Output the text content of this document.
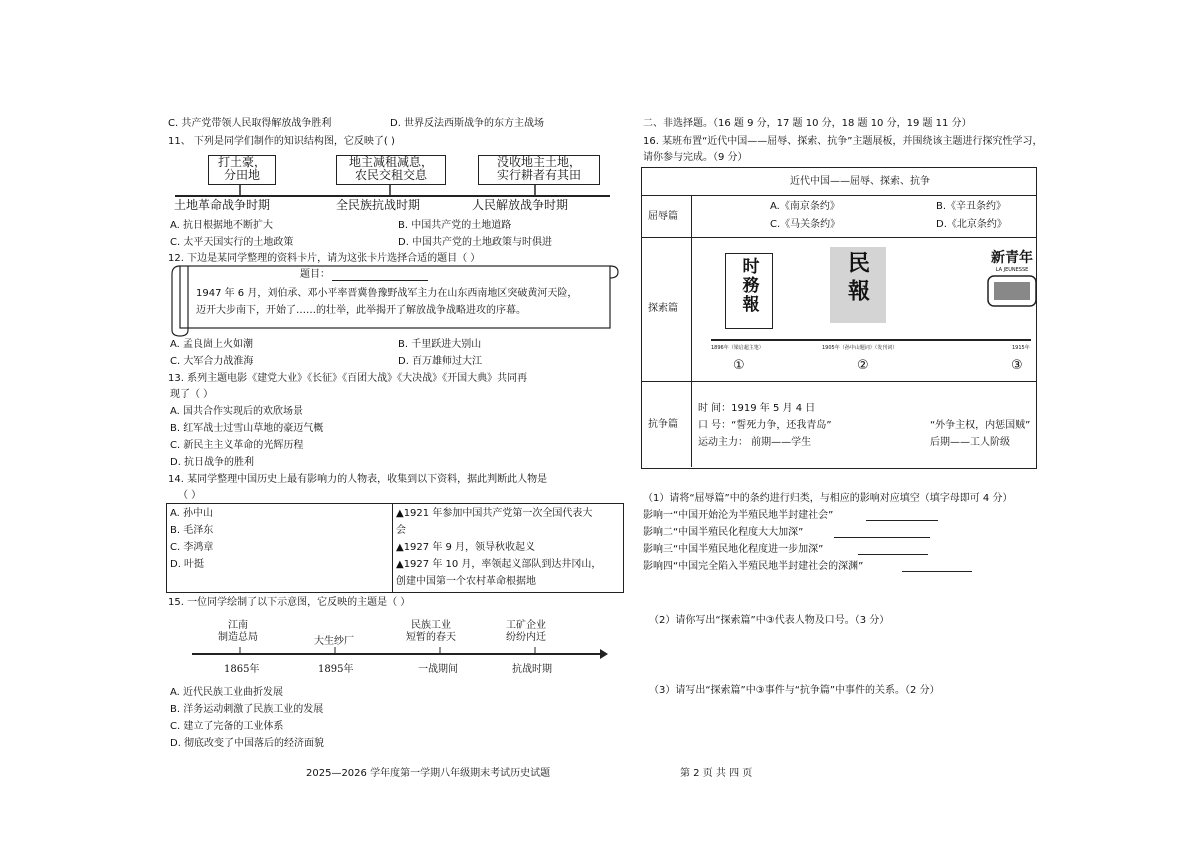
C. 共产党带领人民取得解放战争胜利	D. 世界反法西斯战争的东方主战场
11、 下列是同学们制作的知识结构图，它反映了( )
打土豪，
分田地
地主减租减息，
农民交租交息
没收地主土地，
实行耕者有其田
土地革命战争时期	全民族抗战时期	人民解放战争时期
A. 抗日根据地不断扩大	B. 中国共产党的土地道路
C. 太平天国实行的土地政策	D. 中国共产党的土地政策与时俱进
12. 下边是某同学整理的资料卡片，请为这张卡片选择合适的题目（ ）
题目：
1947 年 6 月，刘伯承、邓小平率晋冀鲁豫野战军主力在山东西南地区突破黄河天险，
迈开大步南下，开始了……的壮举，此举揭开了解放战争战略进攻的序幕。
A. 孟良崮上火如潮	B. 千里跃进大别山
C. 大军合力战淮海	D. 百万雄师过大江
13. 系列主题电影《建党大业》《长征》《百团大战》《大决战》《开国大典》共同再
现了（ ）
A. 国共合作实现后的欢欣场景
B. 红军战士过雪山草地的豪迈气概
C. 新民主主义革命的光辉历程
D. 抗日战争的胜利
14. 某同学整理中国历史上最有影响力的人物表，收集到以下资料，据此判断此人物是
（ ）
A. 孙中山
B. 毛泽东
C. 李鸿章
D. 叶挺
▲1921 年参加中国共产党第一次全国代表大
会
▲1927 年 9 月，领导秋收起义
▲1927 年 10 月，率领起义部队到达井冈山，
创建中国第一个农村革命根据地
15. 一位同学绘制了以下示意图，它反映的主题是（ ）
江南
制造总局	大生纱厂
民族工业
短暂的春天
工矿企业
纷纷内迁
1865年	1895年	一战期间	抗战时期
A. 近代民族工业曲折发展
B. 洋务运动刺激了民族工业的发展
C. 建立了完备的工业体系
D. 彻底改变了中国落后的经济面貌
2025—2026 学年度第一学期八年级期末考试历史试题
二、非选择题。（16 题 9 分，17 题 10 分，18 题 10 分，19 题 11 分）
16. 某班布置“近代中国——屈辱、探索、抗争”主题展板，并围绕该主题进行探究性学习，
请你参与完成。（9 分）
近代中国——屈辱、探索、抗争
屈辱篇
A.《南京条约》	B.《辛丑条约》
C.《马关条约》	D.《北京条约》
探索篇	时務報	民報	新青年
LA JEUNESSE
1896年（梁启超主笔）	1905年（孙中山题词）（发刊词）	1915年
①	②	③
抗争篇
时 间：1919 年 5 月 4 日
口 号：“誓死力争，还我青岛”	“外争主权，内惩国贼”
运动主力： 前期——学生	后期——工人阶级
（1）请将“屈辱篇”中的条约进行归类，与相应的影响对应填空（填字母即可 4 分）
影响一“中国开始沦为半殖民地半封建社会”
影响二“中国半殖民化程度大大加深”
影响三“中国半殖民地化程度进一步加深”
影响四“中国完全陷入半殖民地半封建社会的深渊”
（2）请你写出“探索篇”中③代表人物及口号。（3 分）
（3）请写出“探索篇”中③事件与“抗争篇”中事件的关系。（2 分）
第 2 页 共 四 页
